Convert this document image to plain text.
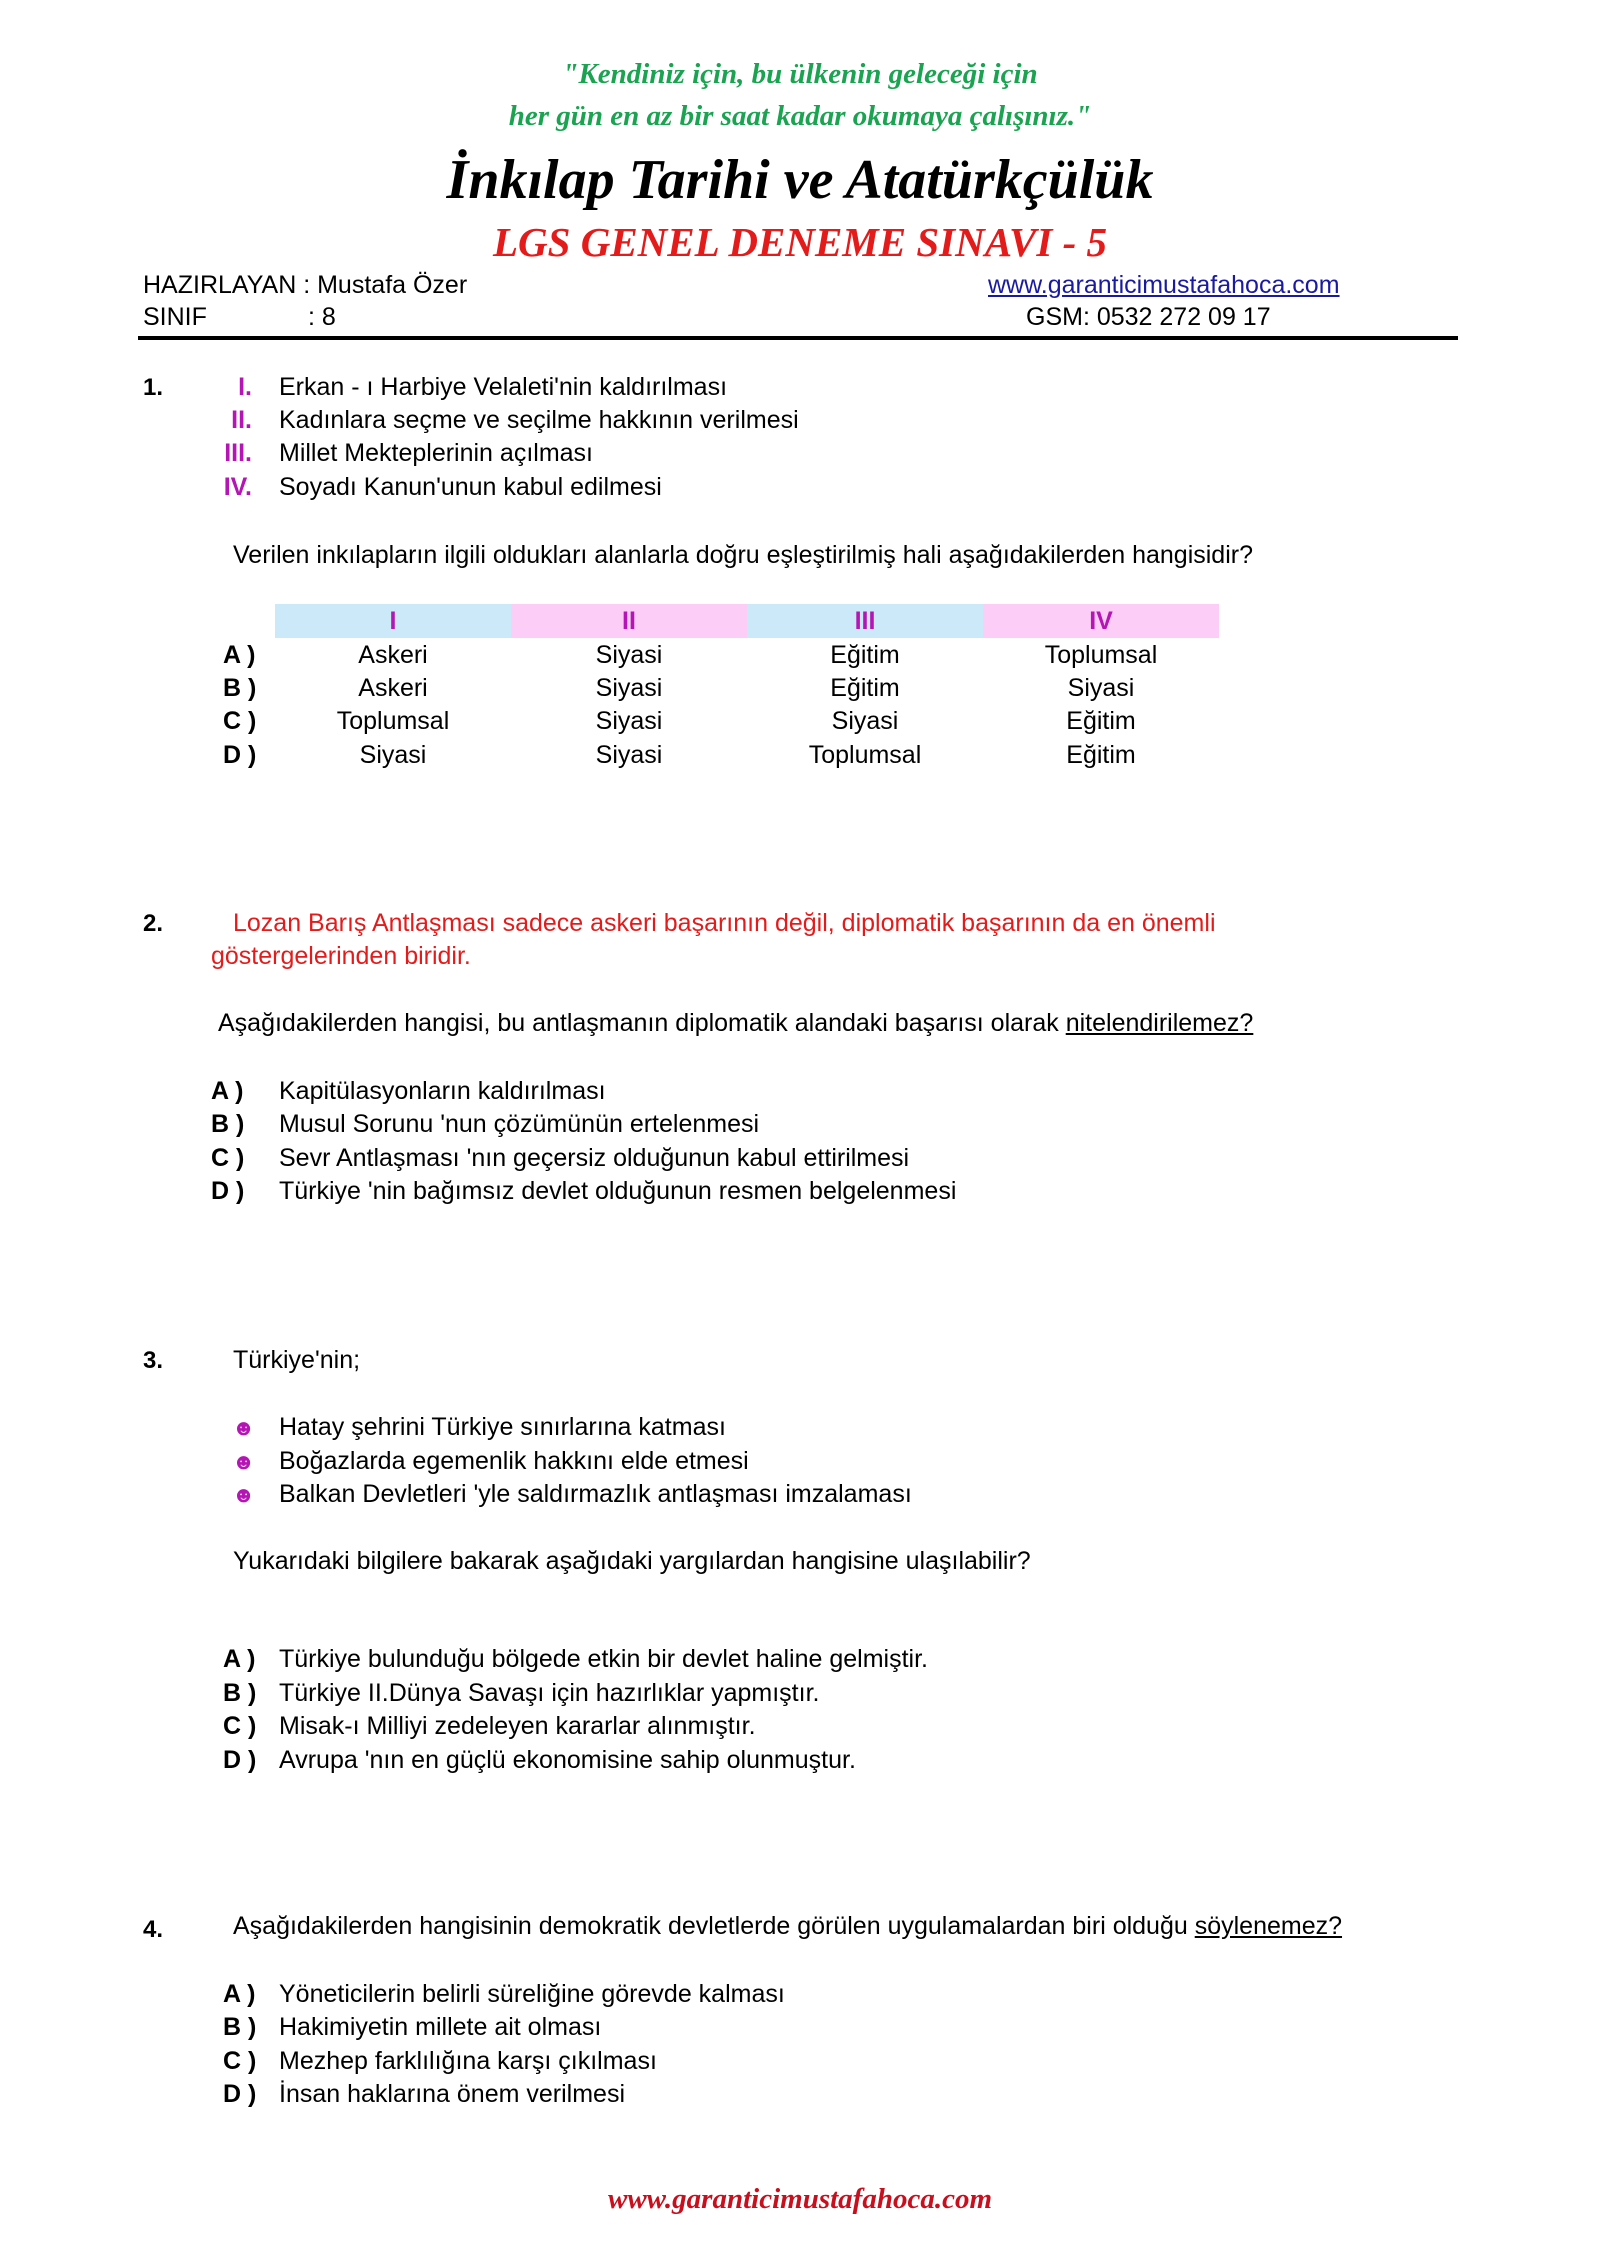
"Kendiniz için, bu ülkenin geleceği için
her gün en az bir saat kadar okumaya çalışınız."
İnkılap Tarihi ve Atatürkçülük
LGS GENEL DENEME SINAVI - 5
HAZIRLAYAN : Mustafa Özer	www.garanticimustafahoca.com
SINIF	: 8	GSM: 0532 272 09 17
1.	I. Erkan - ı Harbiye Velaleti'nin kaldırılması
II. Kadınlara seçme ve seçilme hakkının verilmesi
III. Millet Mekteplerinin açılması
IV. Soyadı Kanun'unun kabul edilmesi
Verilen inkılapların ilgili oldukları alanlarla doğru eşleştirilmiş hali aşağıdakilerden hangisidir?
I	II	III	IV
A )	Askeri	Siyasi	Eğitim	Toplumsal
B )	Askeri	Siyasi	Eğitim	Siyasi
C )	Toplumsal	Siyasi	Siyasi	Eğitim
D )	Siyasi	Siyasi	Toplumsal	Eğitim
2.	Lozan Barış Antlaşması sadece askeri başarının değil, diplomatik başarının da en önemli
göstergelerinden biridir.
Aşağıdakilerden hangisi, bu antlaşmanın diplomatik alandaki başarısı olarak nitelendirilemez?
A ) Kapitülasyonların kaldırılması
B ) Musul Sorunu 'nun çözümünün ertelenmesi
C ) Sevr Antlaşması 'nın geçersiz olduğunun kabul ettirilmesi
D ) Türkiye 'nin bağımsız devlet olduğunun resmen belgelenmesi
3.	Türkiye'nin;
☻ Hatay şehrini Türkiye sınırlarına katması
☻ Boğazlarda egemenlik hakkını elde etmesi
☻ Balkan Devletleri 'yle saldırmazlık antlaşması imzalaması
Yukarıdaki bilgilere bakarak aşağıdaki yargılardan hangisine ulaşılabilir?
A ) Türkiye bulunduğu bölgede etkin bir devlet haline gelmiştir.
B ) Türkiye II.Dünya Savaşı için hazırlıklar yapmıştır.
C ) Misak-ı Milliyi zedeleyen kararlar alınmıştır.
D ) Avrupa 'nın en güçlü ekonomisine sahip olunmuştur.
4.	Aşağıdakilerden hangisinin demokratik devletlerde görülen uygulamalardan biri olduğu söylenemez?
A ) Yöneticilerin belirli süreliğine görevde kalması
B ) Hakimiyetin millete ait olması
C ) Mezhep farklılığına karşı çıkılması
D ) İnsan haklarına önem verilmesi
www.garanticimustafahoca.com
